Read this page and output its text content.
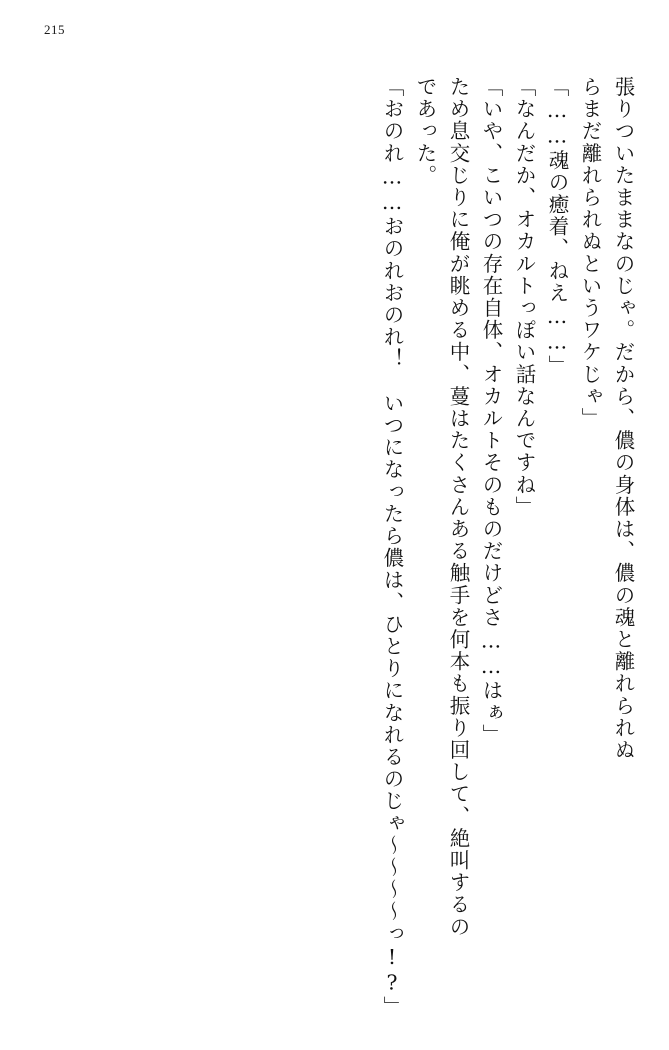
215
張りついたままなのじゃ。だから、儂の身体は、儂の魂と離れられぬ
らまだ離れられぬというワケじゃ」
「……魂の癒着、ねえ……」
「なんだか、オカルトっぽい話なんですね」
「いや、こいつの存在自体、オカルトそのものだけどさ……はぁ」
ため息交じりに俺が眺める中、蔓はたくさんある触手を何本も振り回して、絶叫するの
であった。
「おのれ……おのれおのれ！　いつになったら儂は、ひとりになれるのじゃ～～～～っ!?」
